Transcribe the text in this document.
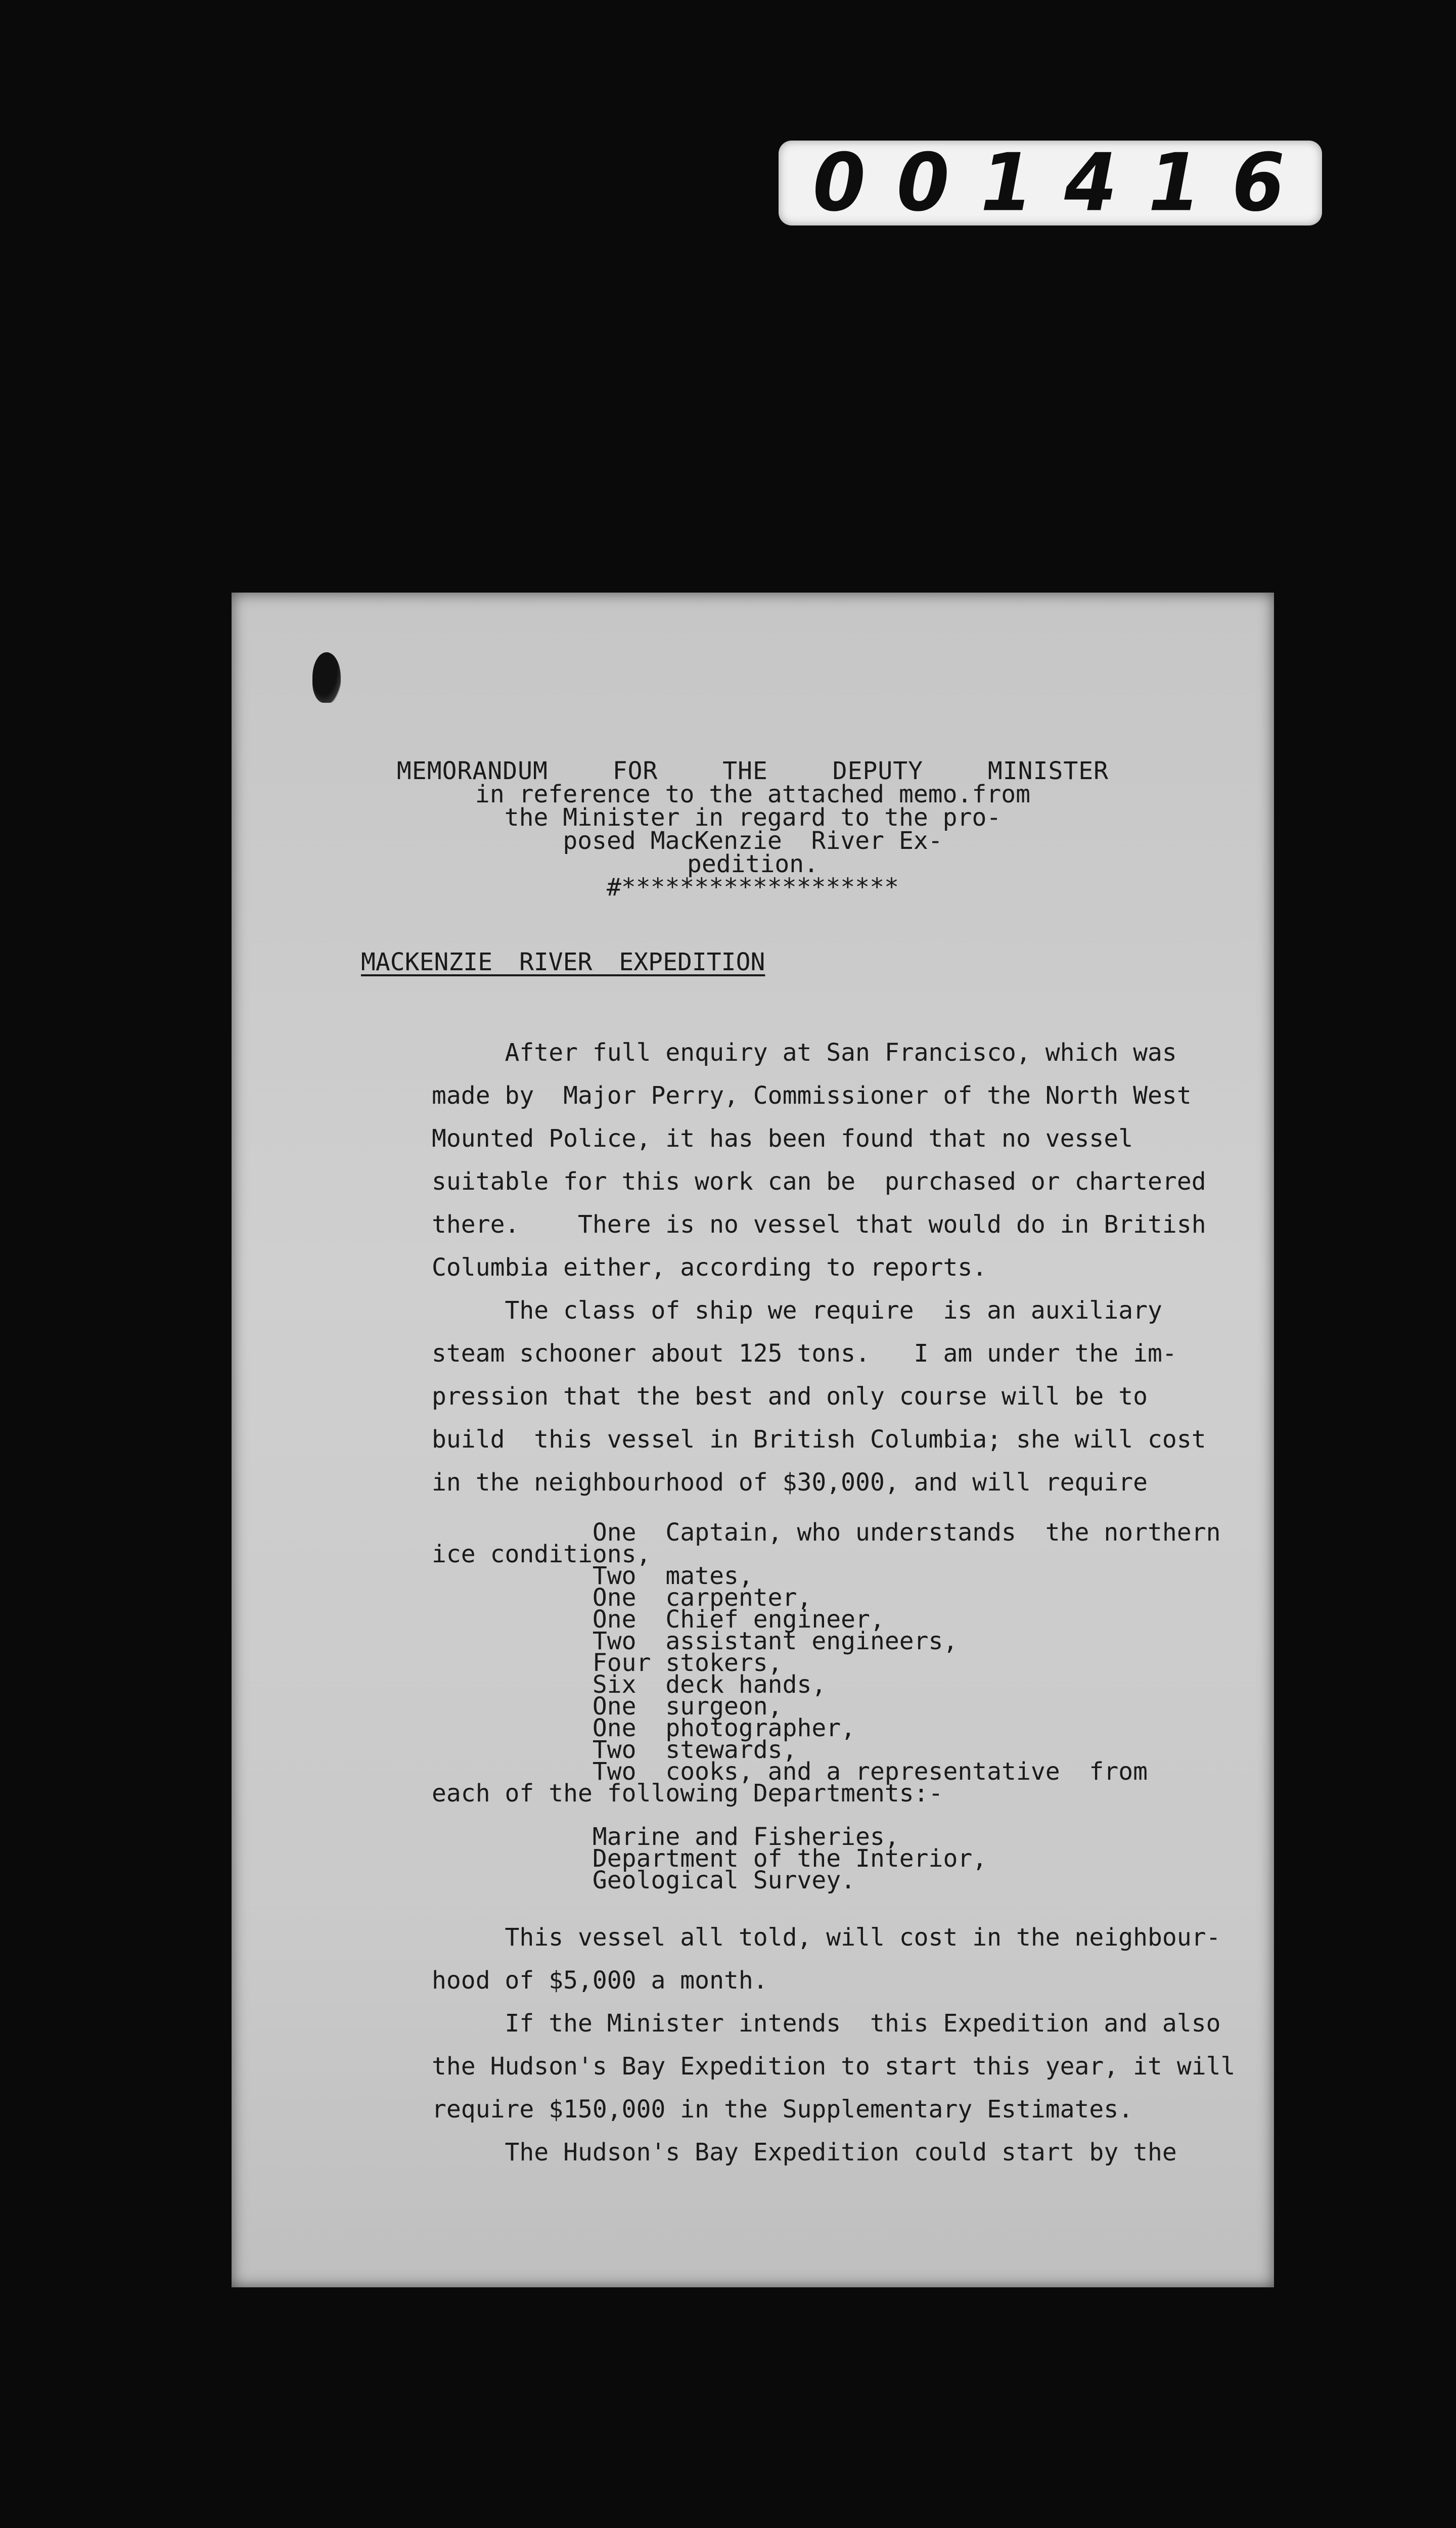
0 0 1 4 1 6
MEMORANDUM  FOR  THE  DEPUTY  MINISTER
in reference to the attached memo.from
the Minister in regard to the pro-
posed MacKenzie  River Ex-
pedition.
#*******************
MACKENZIE RIVER EXPEDITION
After full enquiry at San Francisco, which was
made by  Major Perry, Commissioner of the North West
Mounted Police, it has been found that no vessel
suitable for this work can be  purchased or chartered
there.    There is no vessel that would do in British
Columbia either, according to reports.
The class of ship we require  is an auxiliary
steam schooner about 125 tons.   I am under the im-
pression that the best and only course will be to
build  this vessel in British Columbia; she will cost
in the neighbourhood of $30,000, and will require
One  Captain, who understands  the northern
ice conditions,
Two  mates,
One  carpenter,
One  Chief engineer,
Two  assistant engineers,
Four stokers,
Six  deck hands,
One  surgeon,
One  photographer,
Two  stewards,
Two  cooks, and a representative  from
each of the following Departments:-
Marine and Fisheries,
Department of the Interior,
Geological Survey.
This vessel all told, will cost in the neighbour-
hood of $5,000 a month.
If the Minister intends  this Expedition and also
the Hudson's Bay Expedition to start this year, it will
require $150,000 in the Supplementary Estimates.
The Hudson's Bay Expedition could start by the
